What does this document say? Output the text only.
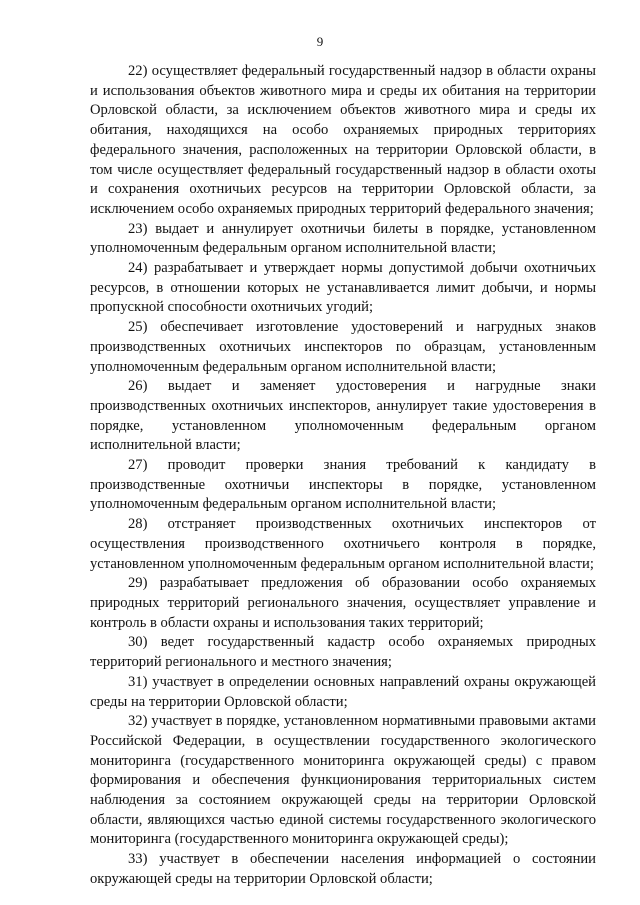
9

22) осуществляет федеральный государственный надзор в области охраны и использования объектов животного мира и среды их обитания на территории Орловской области, за исключением объектов животного мира и среды их обитания, находящихся на особо охраняемых природных территориях федерального значения, расположенных на территории Орловской области, в том числе осуществляет федеральный государственный надзор в области охоты и сохранения охотничьих ресурсов на территории Орловской области, за исключением особо охраняемых природных территорий федерального значения;

23) выдает и аннулирует охотничьи билеты в порядке, установленном уполномоченным федеральным органом исполнительной власти;

24) разрабатывает и утверждает нормы допустимой добычи охотничьих ресурсов, в отношении которых не устанавливается лимит добычи, и нормы пропускной способности охотничьих угодий;

25) обеспечивает изготовление удостоверений и нагрудных знаков производственных охотничьих инспекторов по образцам, установленным уполномоченным федеральным органом исполнительной власти;

26) выдает и заменяет удостоверения и нагрудные знаки производственных охотничьих инспекторов, аннулирует такие удостоверения в порядке, установленном уполномоченным федеральным органом исполнительной власти;

27) проводит проверки знания требований к кандидату в производственные охотничьи инспекторы в порядке, установленном уполномоченным федеральным органом исполнительной власти;

28) отстраняет производственных охотничьих инспекторов от осуществления производственного охотничьего контроля в порядке, установленном уполномоченным федеральным органом исполнительной власти;

29) разрабатывает предложения об образовании особо охраняемых природных территорий регионального значения, осуществляет управление и контроль в области охраны и использования таких территорий;

30) ведет государственный кадастр особо охраняемых природных территорий регионального и местного значения;

31) участвует в определении основных направлений охраны окружающей среды на территории Орловской области;

32) участвует в порядке, установленном нормативными правовыми актами Российской Федерации, в осуществлении государственного экологического мониторинга (государственного мониторинга окружающей среды) с правом формирования и обеспечения функционирования территориальных систем наблюдения за состоянием окружающей среды на территории Орловской области, являющихся частью единой системы государственного экологического мониторинга (государственного мониторинга окружающей среды);

33) участвует в обеспечении населения информацией о состоянии окружающей среды на территории Орловской области;
